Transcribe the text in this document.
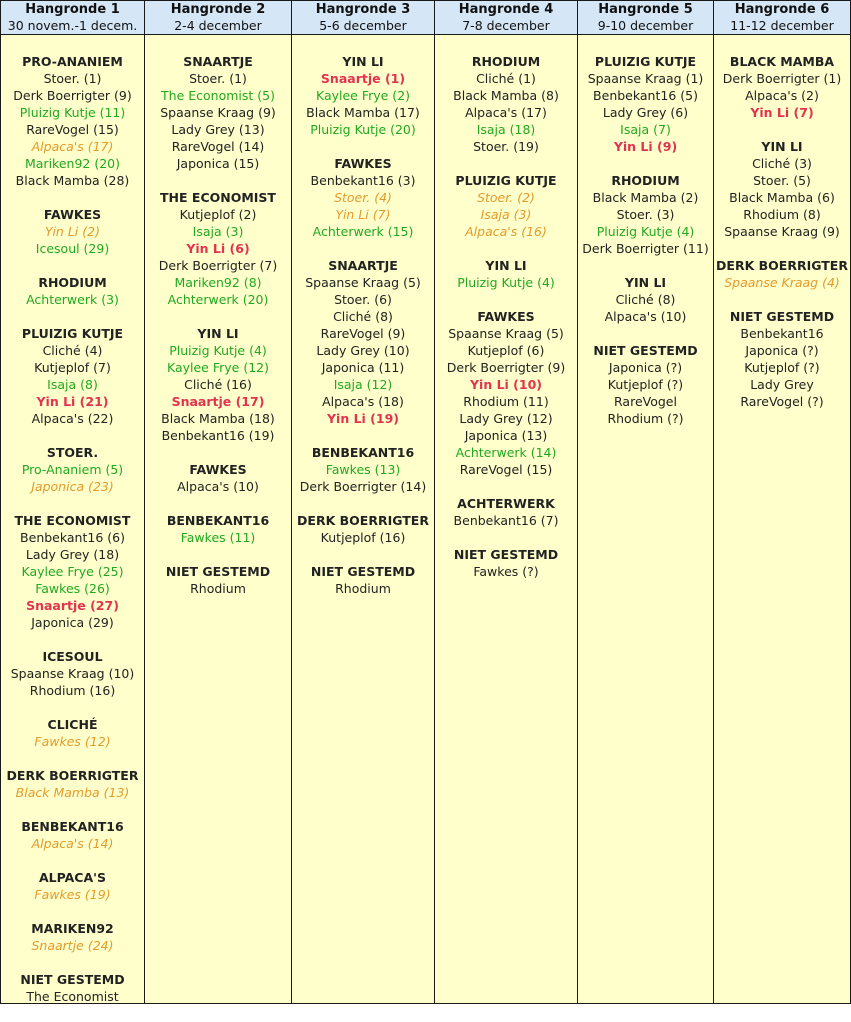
Hangronde 1
30 novem.-1 decem.
PRO-ANANIEM
Stoer. (1)
Derk Boerrigter (9)
Pluizig Kutje (11)
RareVogel (15)
Alpaca's (17)
Mariken92 (20)
Black Mamba (28)
FAWKES
Yin Li (2)
Icesoul (29)
RHODIUM
Achterwerk (3)
PLUIZIG KUTJE
Cliché (4)
Kutjeplof (7)
Isaja (8)
Yin Li (21)
Alpaca's (22)
STOER.
Pro-Ananiem (5)
Japonica (23)
THE ECONOMIST
Benbekant16 (6)
Lady Grey (18)
Kaylee Frye (25)
Fawkes (26)
Snaartje (27)
Japonica (29)
ICESOUL
Spaanse Kraag (10)
Rhodium (16)
CLICHÉ
Fawkes (12)
DERK BOERRIGTER
Black Mamba (13)
BENBEKANT16
Alpaca's (14)
ALPACA'S
Fawkes (19)
MARIKEN92
Snaartje (24)
NIET GESTEMD
The Economist
Hangronde 2
2-4 december
SNAARTJE
Stoer. (1)
The Economist (5)
Spaanse Kraag (9)
Lady Grey (13)
RareVogel (14)
Japonica (15)
THE ECONOMIST
Kutjeplof (2)
Isaja (3)
Yin Li (6)
Derk Boerrigter (7)
Mariken92 (8)
Achterwerk (20)
YIN LI
Pluizig Kutje (4)
Kaylee Frye (12)
Cliché (16)
Snaartje (17)
Black Mamba (18)
Benbekant16 (19)
FAWKES
Alpaca's (10)
BENBEKANT16
Fawkes (11)
NIET GESTEMD
Rhodium
Hangronde 3
5-6 december
YIN LI
Snaartje (1)
Kaylee Frye (2)
Black Mamba (17)
Pluizig Kutje (20)
FAWKES
Benbekant16 (3)
Stoer. (4)
Yin Li (7)
Achterwerk (15)
SNAARTJE
Spaanse Kraag (5)
Stoer. (6)
Cliché (8)
RareVogel (9)
Lady Grey (10)
Japonica (11)
Isaja (12)
Alpaca's (18)
Yin Li (19)
BENBEKANT16
Fawkes (13)
Derk Boerrigter (14)
DERK BOERRIGTER
Kutjeplof (16)
NIET GESTEMD
Rhodium
Hangronde 4
7-8 december
RHODIUM
Cliché (1)
Black Mamba (8)
Alpaca's (17)
Isaja (18)
Stoer. (19)
PLUIZIG KUTJE
Stoer. (2)
Isaja (3)
Alpaca's (16)
YIN LI
Pluizig Kutje (4)
FAWKES
Spaanse Kraag (5)
Kutjeplof (6)
Derk Boerrigter (9)
Yin Li (10)
Rhodium (11)
Lady Grey (12)
Japonica (13)
Achterwerk (14)
RareVogel (15)
ACHTERWERK
Benbekant16 (7)
NIET GESTEMD
Fawkes (?)
Hangronde 5
9-10 december
PLUIZIG KUTJE
Spaanse Kraag (1)
Benbekant16 (5)
Lady Grey (6)
Isaja (7)
Yin Li (9)
RHODIUM
Black Mamba (2)
Stoer. (3)
Pluizig Kutje (4)
Derk Boerrigter (11)
YIN LI
Cliché (8)
Alpaca's (10)
NIET GESTEMD
Japonica (?)
Kutjeplof (?)
RareVogel
Rhodium (?)
Hangronde 6
11-12 december
BLACK MAMBA
Derk Boerrigter (1)
Alpaca's (2)
Yin Li (7)
YIN LI
Cliché (3)
Stoer. (5)
Black Mamba (6)
Rhodium (8)
Spaanse Kraag (9)
DERK BOERRIGTER
Spaanse Kraag (4)
NIET GESTEMD
Benbekant16
Japonica (?)
Kutjeplof (?)
Lady Grey
RareVogel (?)
